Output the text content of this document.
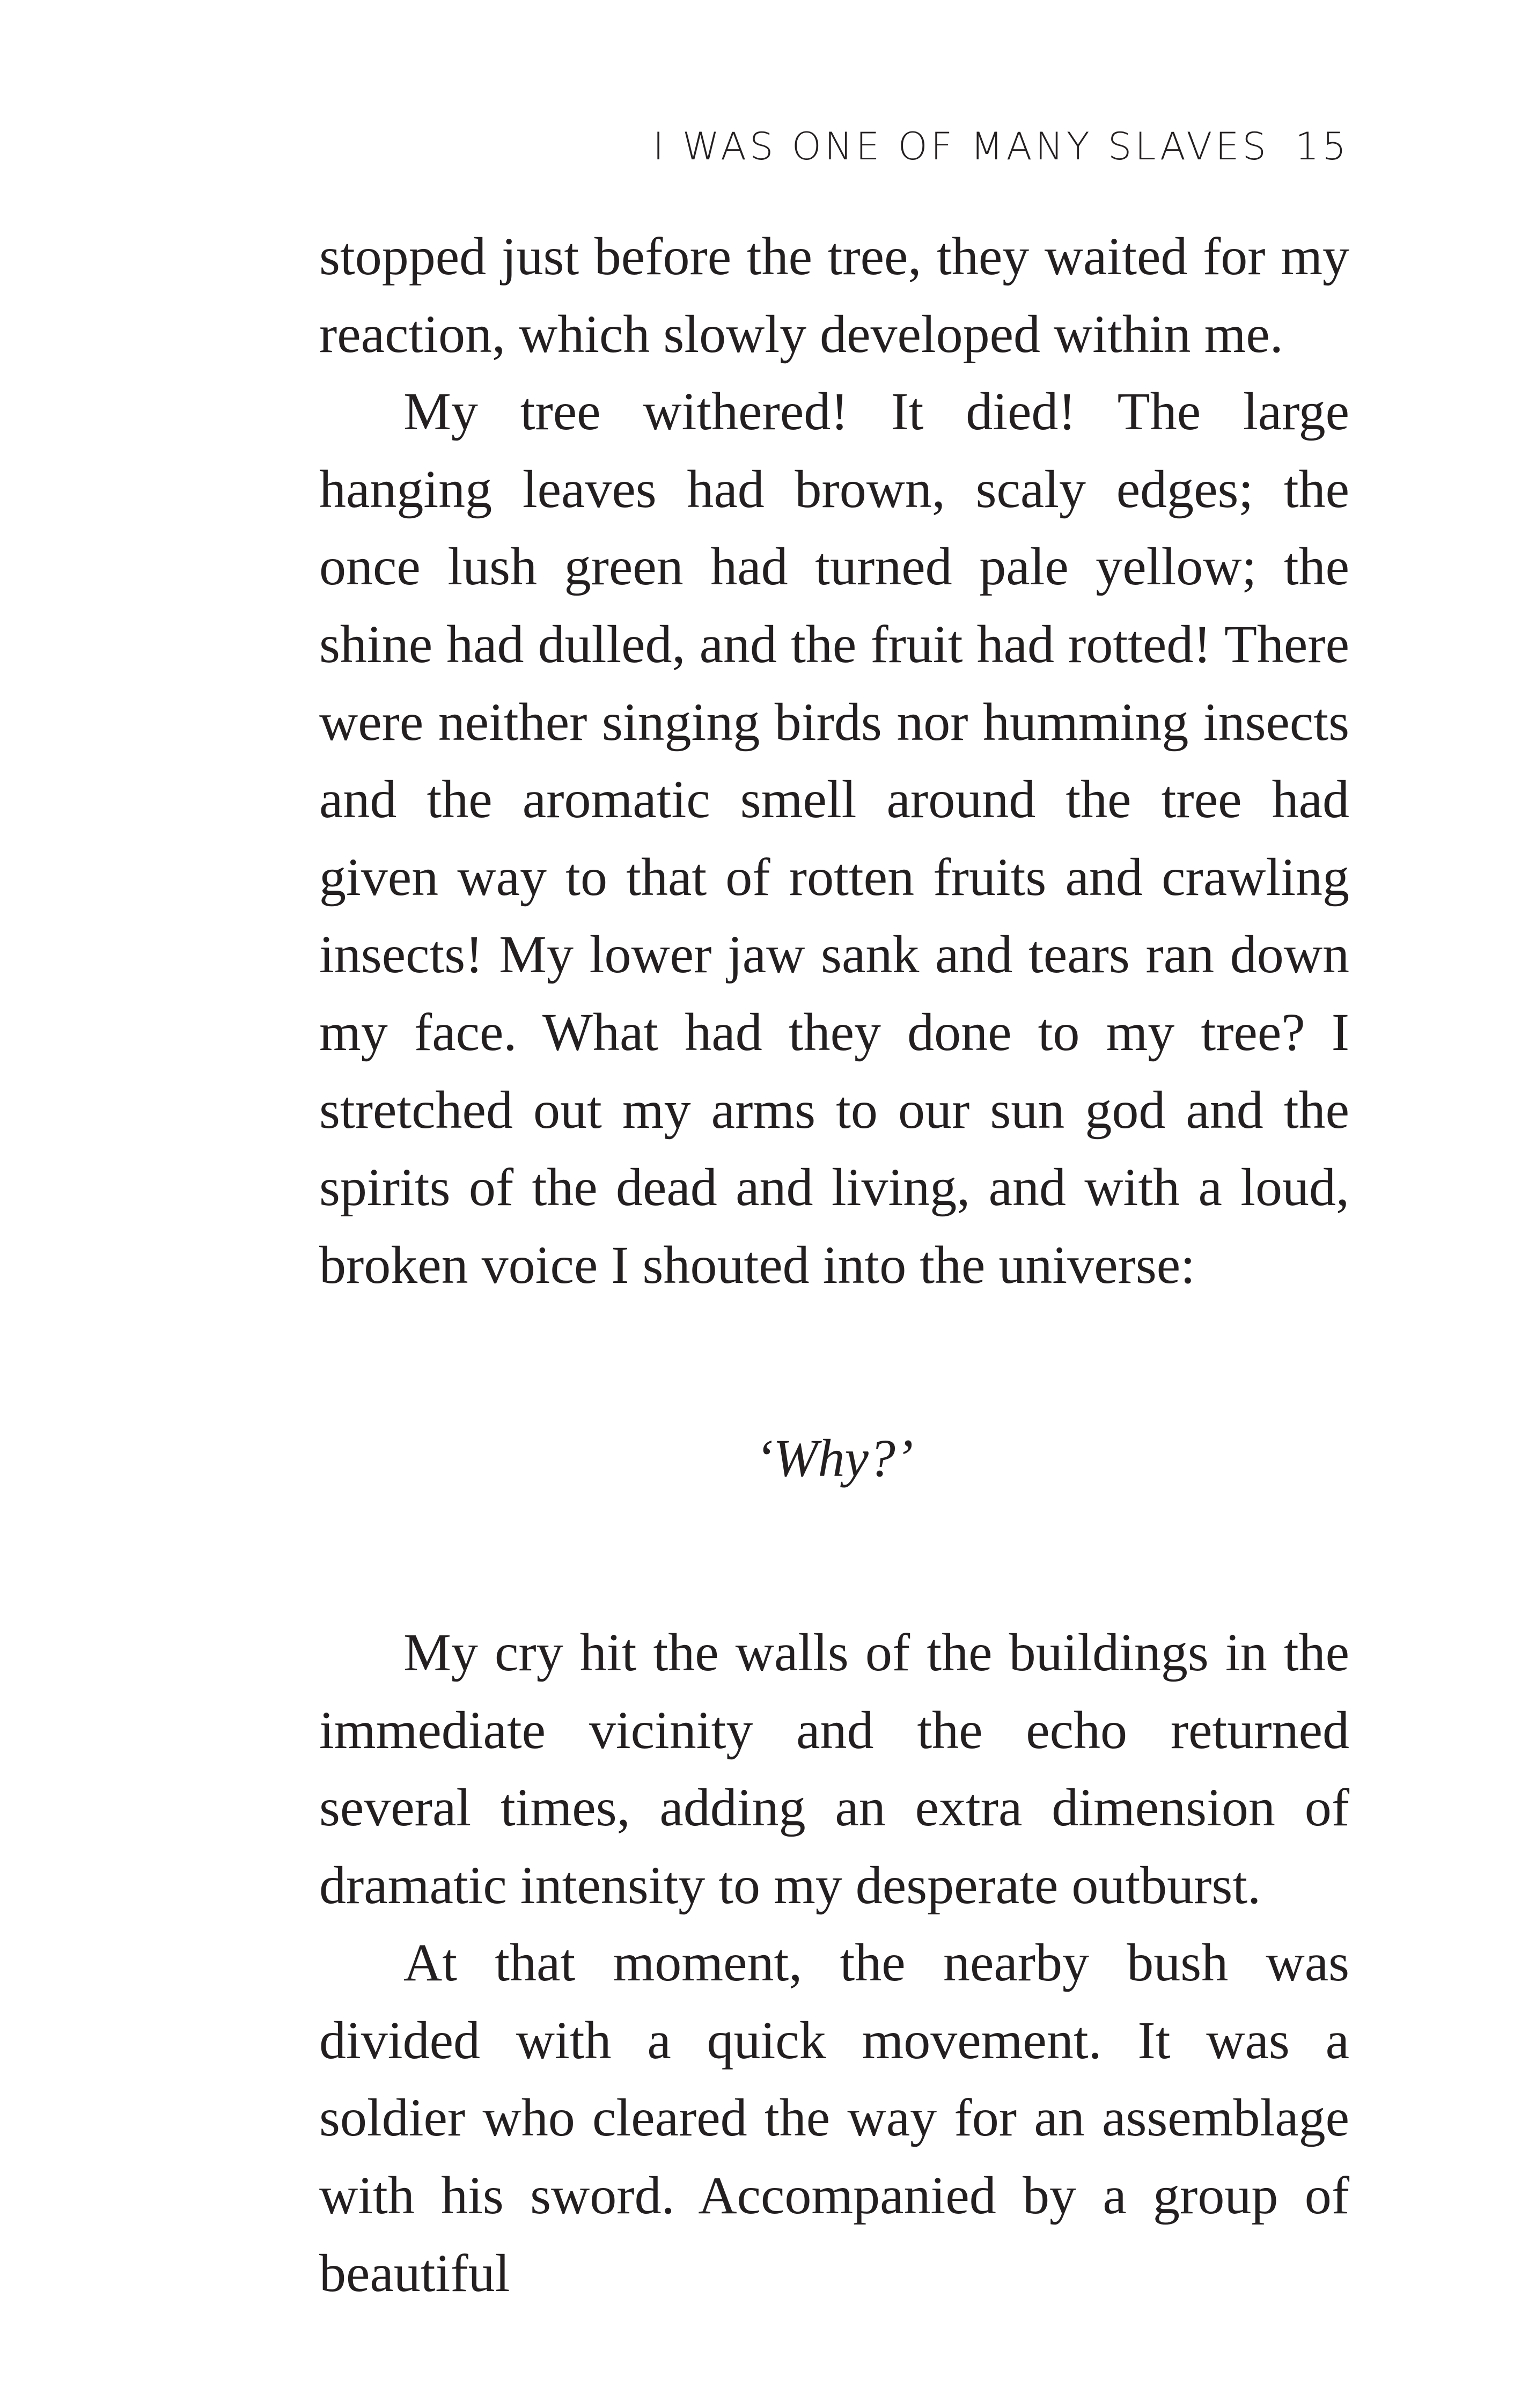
I WAS ONE OF MANY SLAVES 15

stopped just before the tree, they waited for my reaction, which slowly developed within me.

My tree withered! It died! The large hanging leaves had brown, scaly edges; the once lush green had turned pale yellow; the shine had dulled, and the fruit had rotted! There were neither singing birds nor humming insects and the aromatic smell around the tree had given way to that of rotten fruits and crawling insects! My lower jaw sank and tears ran down my face. What had they done to my tree? I stretched out my arms to our sun god and the spirits of the dead and living, and with a loud, broken voice I shouted into the universe:

‘Why?’

My cry hit the walls of the buildings in the immediate vicinity and the echo returned several times, adding an extra dimension of dramatic intensity to my desperate outburst.

At that moment, the nearby bush was divided with a quick movement. It was a soldier who cleared the way for an assemblage with his sword. Accompanied by a group of beautiful
